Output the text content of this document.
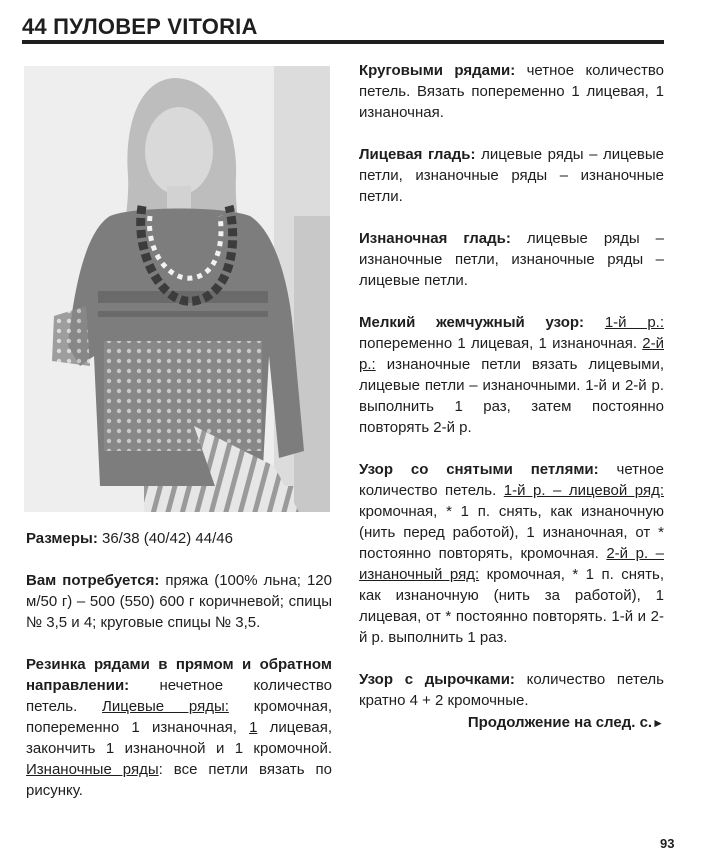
44 ПУЛОВЕР VITORIA

Размеры: 36/38 (40/42) 44/46

Вам потребуется: пряжа (100% льна; 120 м/50 г) – 500 (550) 600 г коричневой; спицы № 3,5 и 4; круговые спицы № 3,5.

Резинка рядами в прямом и обратном направлении: нечетное количество петель. Лицевые ряды: кромочная, попеременно 1 изнаночная, 1 лицевая, закончить 1 изнаночной и 1 кромочной. Изнаночные ряды: все петли вязать по рисунку.

Круговыми рядами: четное количество петель. Вязать попеременно 1 лицевая, 1 изнаночная.

Лицевая гладь: лицевые ряды – лицевые петли, изнаночные ряды – изнаночные петли.

Изнаночная гладь: лицевые ряды – изнаночные петли, изнаночные ряды – лицевые петли.

Мелкий жемчужный узор: 1-й р.: попеременно 1 лицевая, 1 изнаночная. 2-й р.: изнаночные петли вязать лицевыми, лицевые петли – изнаночными. 1-й и 2-й р. выполнить 1 раз, затем постоянно повторять 2-й р.

Узор со снятыми петлями: четное количество петель. 1-й р. – лицевой ряд: кромочная, * 1 п. снять, как изнаночную (нить перед работой), 1 изнаночная, от * постоянно повторять, кромочная. 2-й р. – изнаночный ряд: кромочная, * 1 п. снять, как изнаночную (нить за работой), 1 лицевая, от * постоянно повторять. 1-й и 2-й р. выполнить 1 раз.

Узор с дырочками: количество петель кратно 4 + 2 кромочные.

Продолжение на след. с.►
93
